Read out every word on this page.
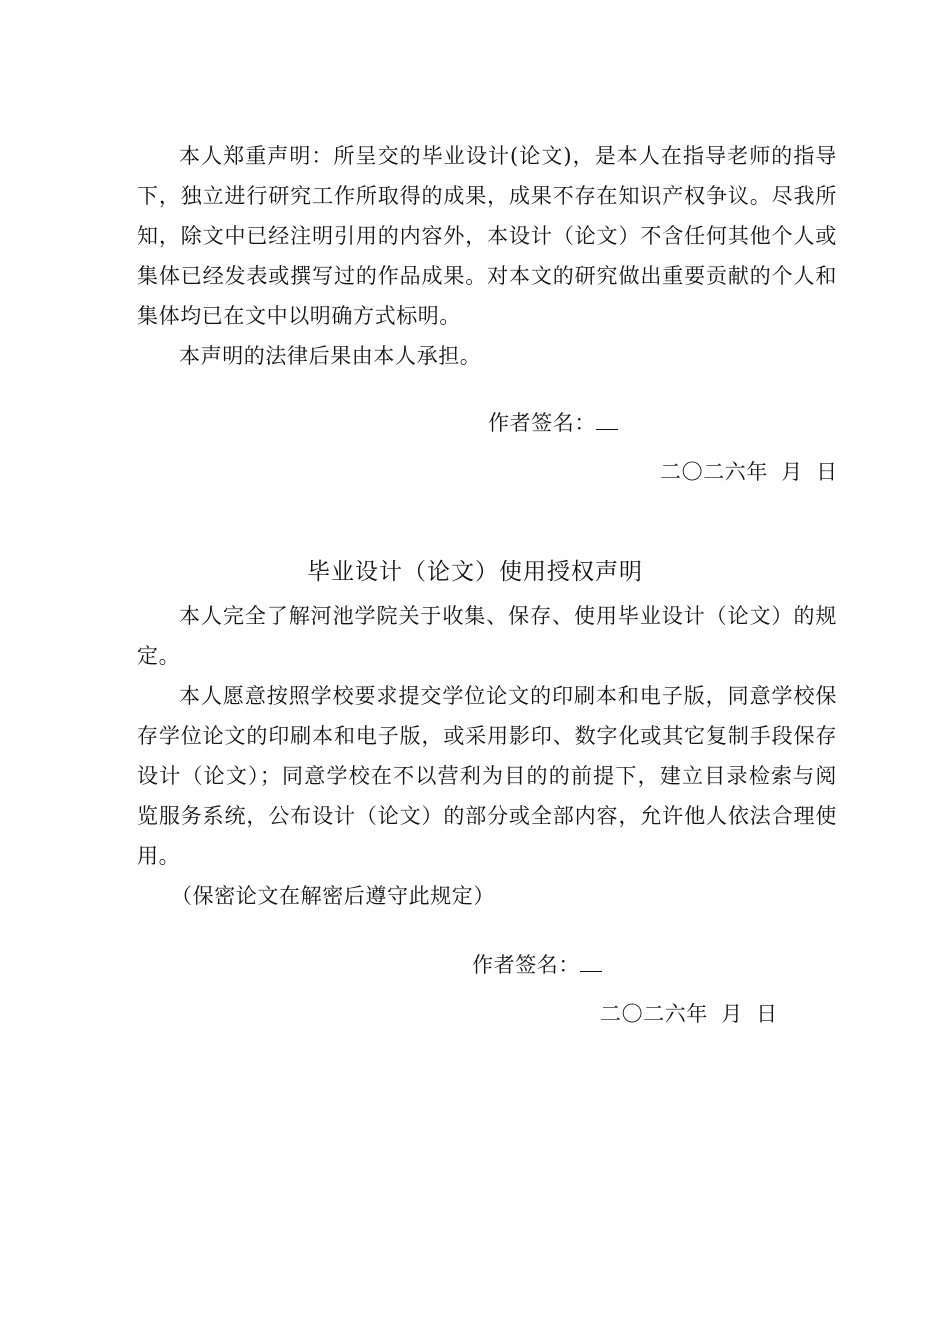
本人郑重声明：所呈交的毕业设计(论文)，是本人在指导老师的指导下，独立进行研究工作所取得的成果，成果不存在知识产权争议。尽我所知，除文中已经注明引用的内容外，本设计（论文）不含任何其他个人或集体已经发表或撰写过的作品成果。对本文的研究做出重要贡献的个人和集体均已在文中以明确方式标明。

本声明的法律后果由本人承担。

作者签名：
二〇二六年 月 日
毕业设计（论文）使用授权声明

本人完全了解河池学院关于收集、保存、使用毕业设计（论文）的规定。

本人愿意按照学校要求提交学位论文的印刷本和电子版，同意学校保存学位论文的印刷本和电子版，或采用影印、数字化或其它复制手段保存设计（论文）；同意学校在不以营利为目的的前提下，建立目录检索与阅览服务系统，公布设计（论文）的部分或全部内容，允许他人依法合理使用。

（保密论文在解密后遵守此规定）

作者签名：
二〇二六年 月 日
